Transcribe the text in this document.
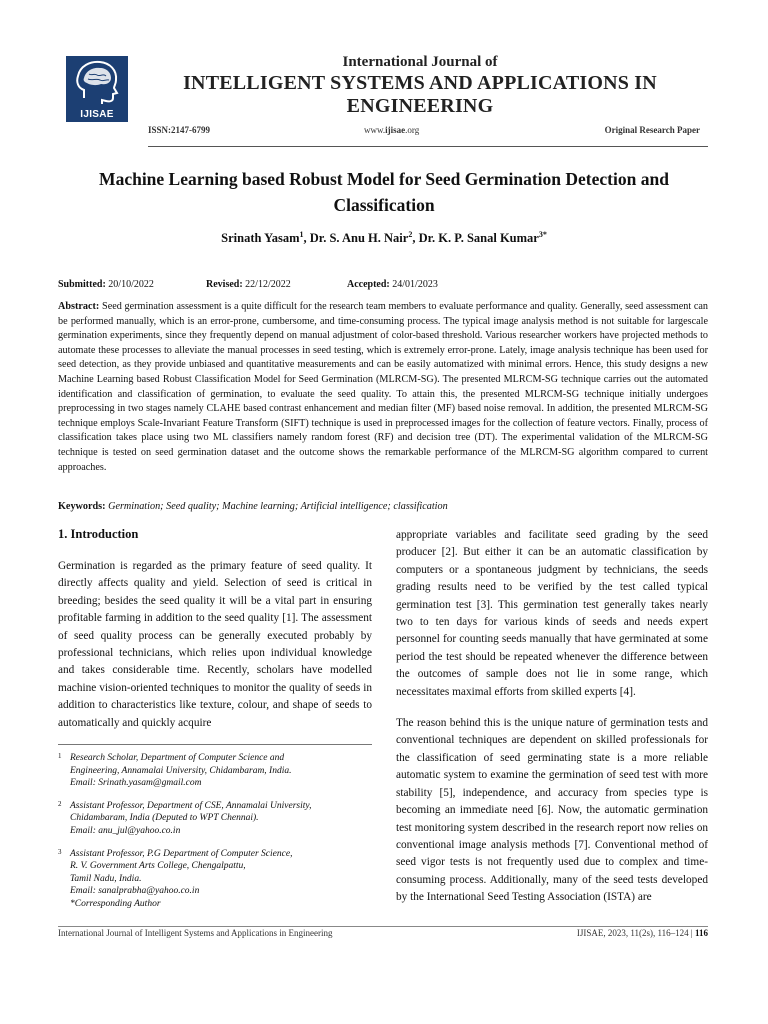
IJISAE
International Journal of
INTELLIGENT SYSTEMS AND APPLICATIONS IN ENGINEERING
ISSN:2147-6799	www.ijisae.org	Original Research Paper
Machine Learning based Robust Model for Seed Germination Detection and Classification
Srinath Yasam$^1$, Dr. S. Anu H. Nair$^2$, Dr. K. P. Sanal Kumar$^{3*}$
Submitted: 20/10/2022	Revised: 22/12/2022	Accepted: 24/01/2023
Abstract: Seed germination assessment is a quite difficult for the research team members to evaluate performance and quality. Generally, seed assessment can be performed manually, which is an error-prone, cumbersome, and time-consuming process. The typical image analysis method is not suitable for largescale germination experiments, since they frequently depend on manual adjustment of color-based threshold. Various researcher workers have projected methods to automate these processes to alleviate the manual processes in seed testing, which is extremely error-prone. Lately, image analysis technique has been used for seed detection, as they provide unbiased and quantitative measurements and can be easily automatized with minimal errors. Hence, this study designs a new Machine Learning based Robust Classification Model for Seed Germination (MLRCM-SG). The presented MLRCM-SG technique carries out the automated identification and classification of germination, to evaluate the seed quality. To attain this, the presented MLRCM-SG technique initially undergoes preprocessing in two stages namely CLAHE based contrast enhancement and median filter (MF) based noise removal. In addition, the presented MLRCM-SG technique employs Scale-Invariant Feature Transform (SIFT) technique is used in preprocessed images for the collection of feature vectors. Finally, process of classification takes place using two ML classifiers namely random forest (RF) and decision tree (DT). The experimental validation of the MLRCM-SG technique is tested on seed germination dataset and the outcome shows the remarkable performance of the MLRCM-SG algorithm compared to current approaches.
Keywords: Germination; Seed quality; Machine learning; Artificial intelligence; classification
1. Introduction

Germination is regarded as the primary feature of seed quality. It directly affects quality and yield. Selection of seed is critical in breeding; besides the seed quality it will be a vital part in ensuring profitable farming in addition to the seed quality [1]. The assessment of seed quality process can be generally executed probably by professional technicians, which relies upon individual knowledge and takes considerable time. Recently, scholars have modelled machine vision-oriented techniques to monitor the quality of seeds in addition to characteristics like texture, colour, and shape of seeds to automatically and quickly acquire

1 Research Scholar, Department of Computer Science and
Engineering, Annamalai University, Chidambaram, India.
Email: Srinath.yasam@gmail.com
2 Assistant Professor, Department of CSE, Annamalai University,
Chidambaram, India (Deputed to WPT Chennai).
Email: anu_jul@yahoo.co.in
3 Assistant Professor, P.G Department of Computer Science,
R. V. Government Arts College, Chengalpattu,
Tamil Nadu, India.
Email: sanalprabha@yahoo.co.in
*Corresponding Author

appropriate variables and facilitate seed grading by the seed producer [2]. But either it can be an automatic classification by computers or a spontaneous judgment by technicians, the seeds grading results need to be verified by the test called typical germination test [3]. This germination test generally takes nearly two to ten days for various kinds of seeds and needs expert personnel for counting seeds manually that have germinated at some period the test should be repeated whenever the difference between the outcomes of sample does not lie in some range, which necessitates maximal efforts from skilled experts [4].

The reason behind this is the unique nature of germination tests and conventional techniques are dependent on skilled professionals for the classification of seed germinating state is a more reliable automatic system to examine the germination of seed test with more stability [5], independence, and accuracy from species type is becoming an immediate need [6]. Now, the automatic germination test monitoring system described in the research report now relies on conventional image analysis methods [7]. Conventional method of seed vigor tests is not frequently used due to complex and time-consuming process. Additionally, many of the seed tests developed by the International Seed Testing Association (ISTA) are

International Journal of Intelligent Systems and Applications in Engineering	IJISAE, 2023, 11(2s), 116–124 | 116
